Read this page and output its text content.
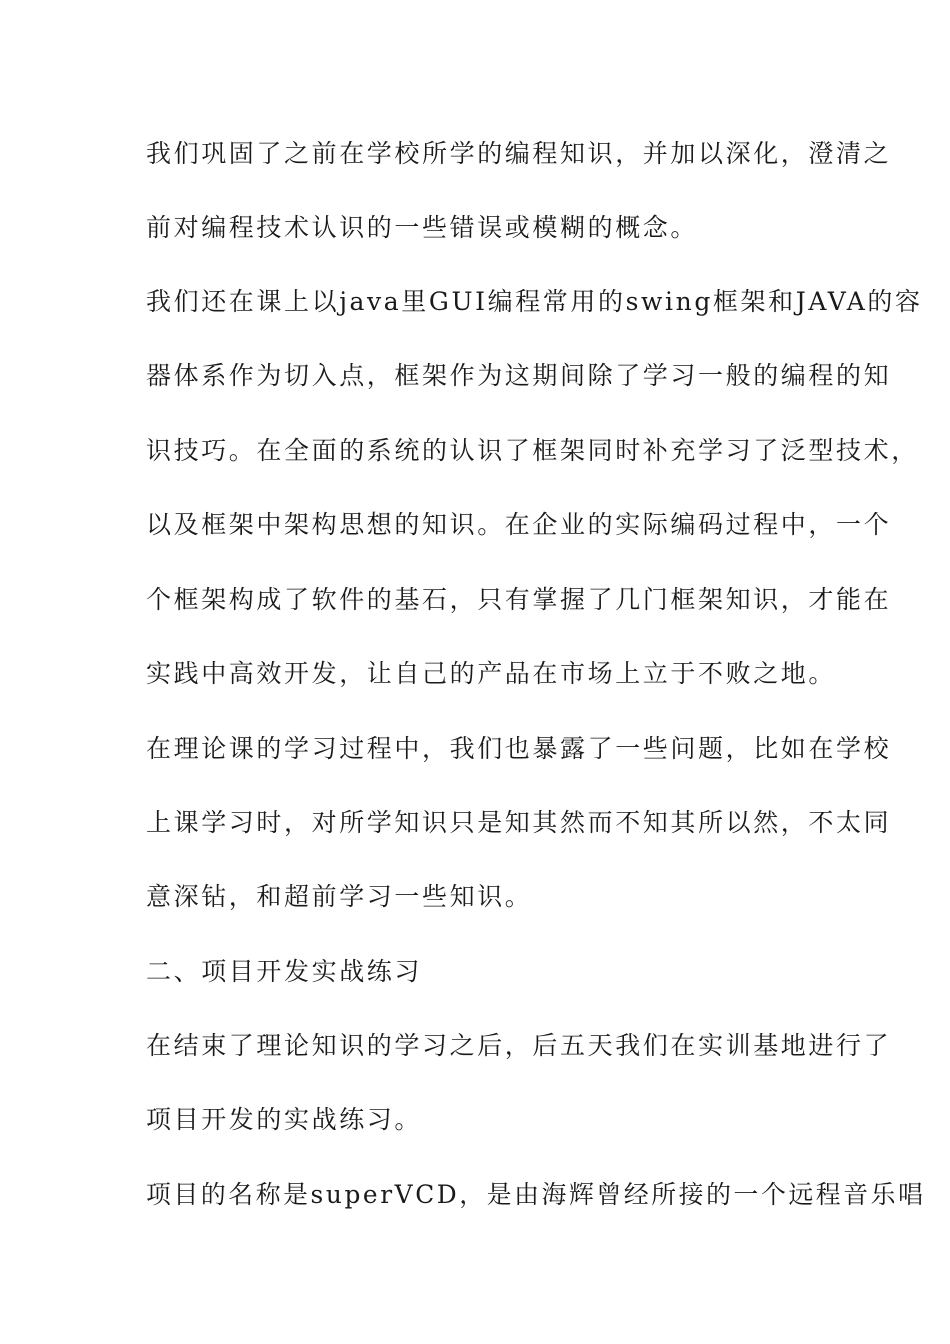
我们巩固了之前在学校所学的编程知识，并加以深化，澄清之
前对编程技术认识的一些错误或模糊的概念。
我们还在课上以java里GUI编程常用的swing框架和JAVA的容
器体系作为切入点，框架作为这期间除了学习一般的编程的知
识技巧。在全面的系统的认识了框架同时补充学习了泛型技术，
以及框架中架构思想的知识。在企业的实际编码过程中，一个
个框架构成了软件的基石，只有掌握了几门框架知识，才能在
实践中高效开发，让自己的产品在市场上立于不败之地。
在理论课的学习过程中，我们也暴露了一些问题，比如在学校
上课学习时，对所学知识只是知其然而不知其所以然，不太同
意深钻，和超前学习一些知识。
二、项目开发实战练习
在结束了理论知识的学习之后，后五天我们在实训基地进行了
项目开发的实战练习。
项目的名称是superVCD，是由海辉曾经所接的一个远程音乐唱
